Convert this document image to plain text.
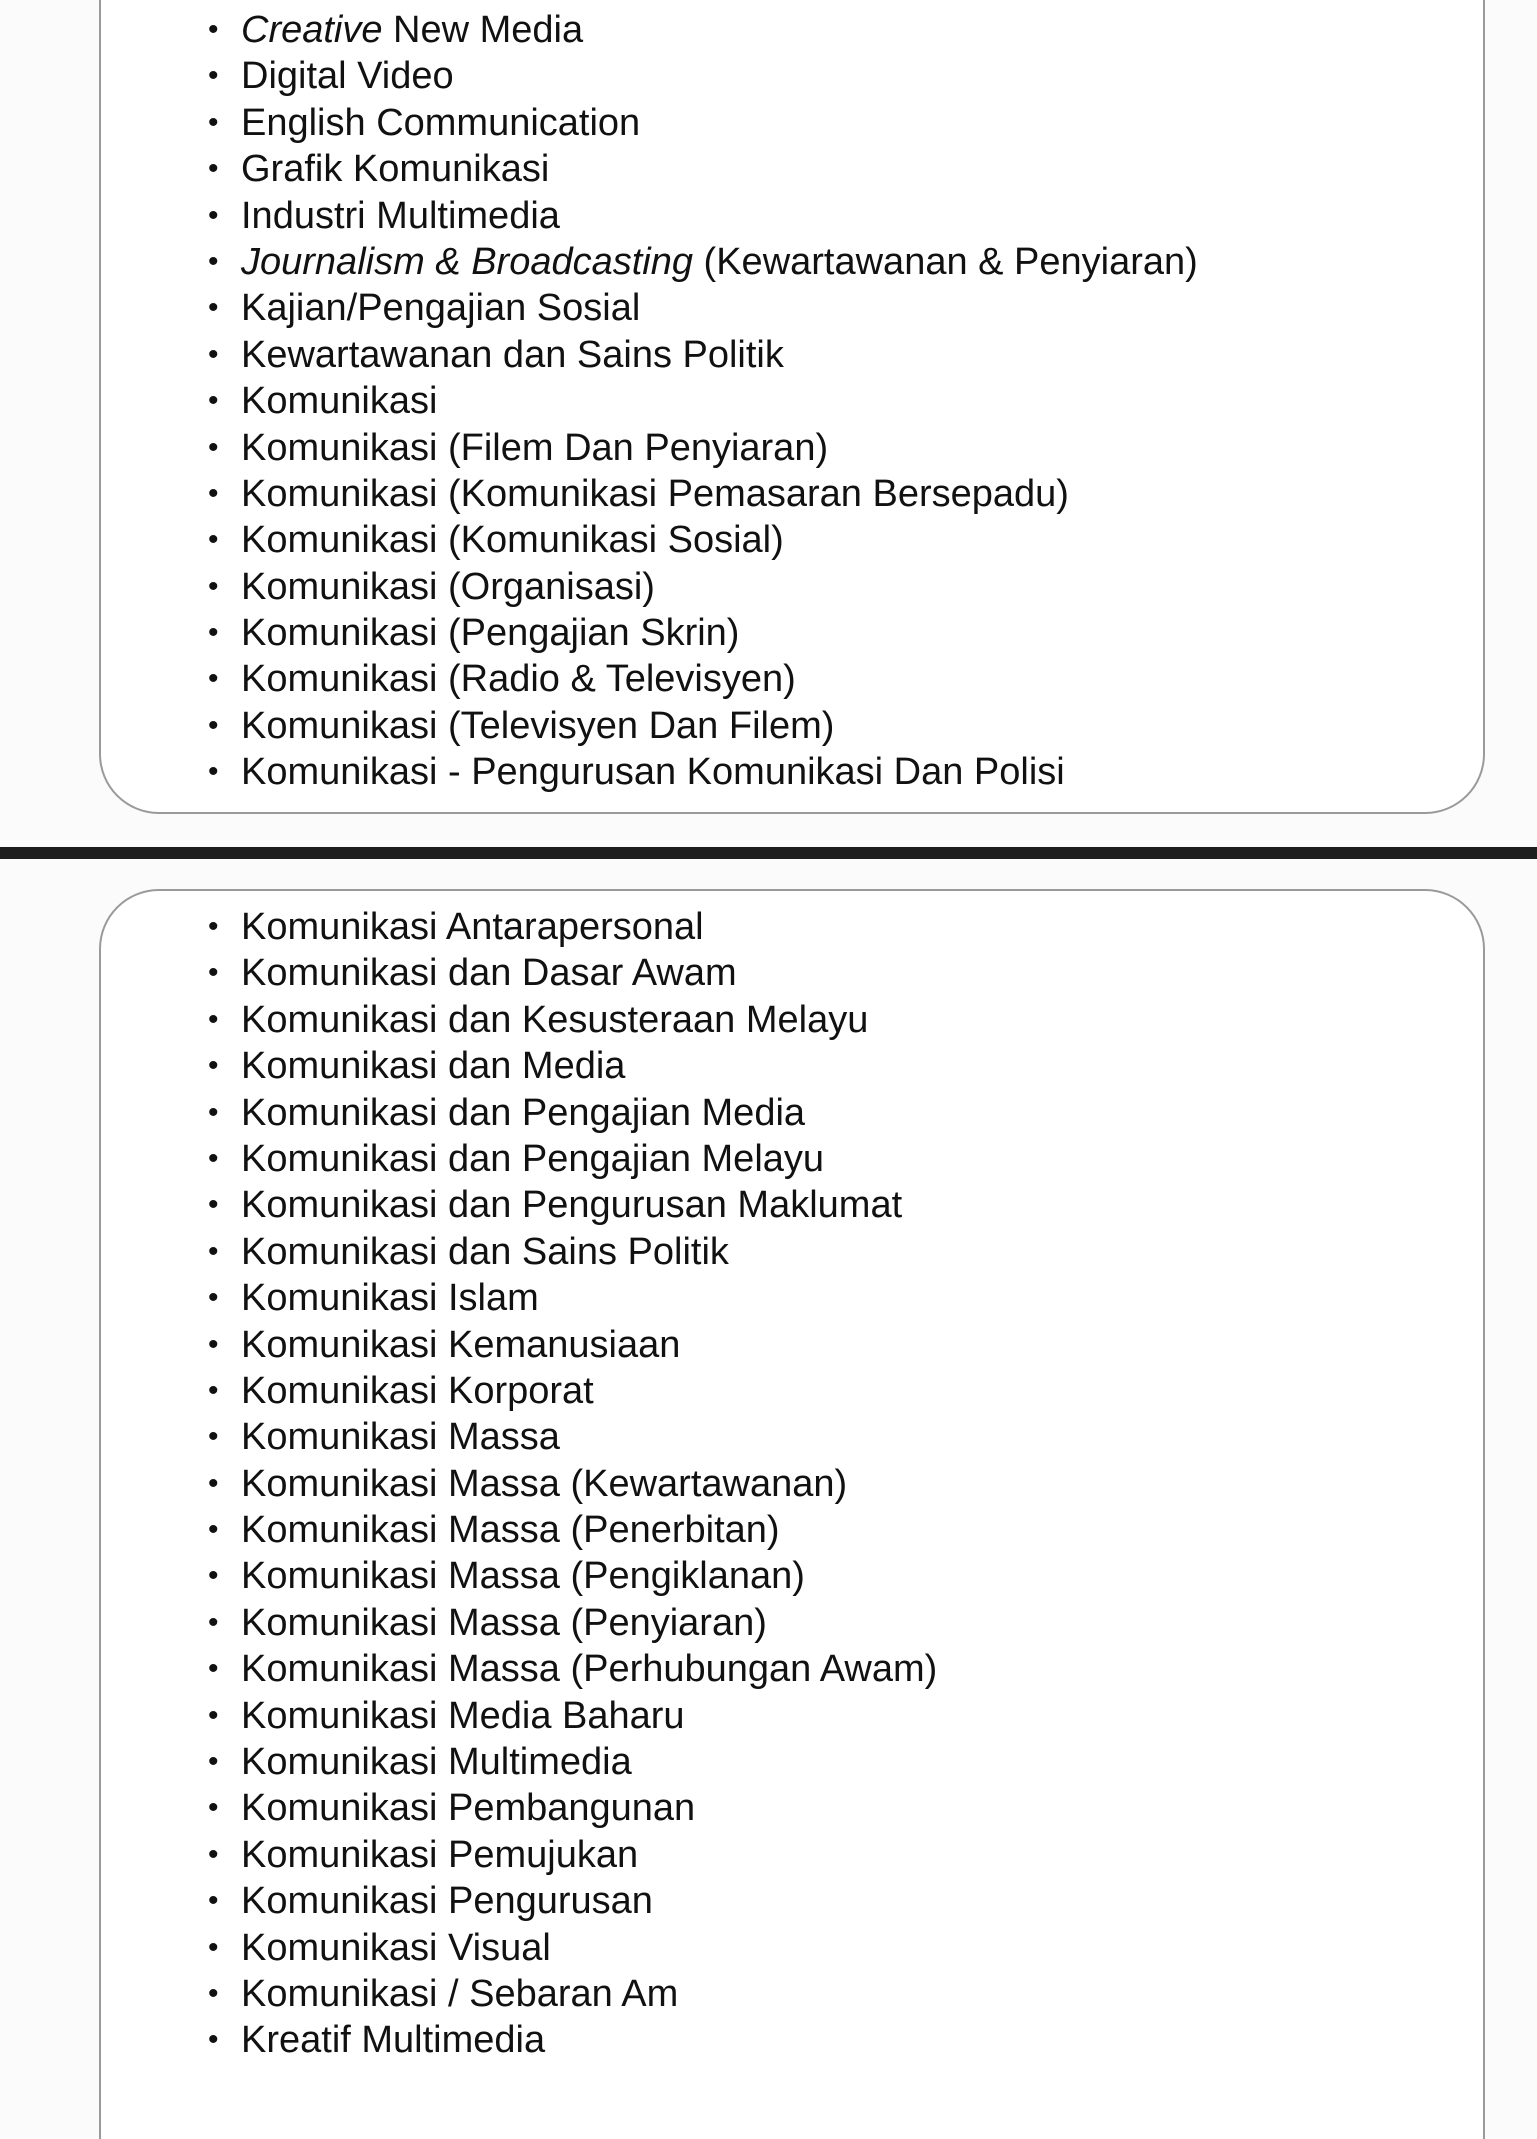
• Creative New Media
• Digital Video
• English Communication
• Grafik Komunikasi
• Industri Multimedia
• Journalism & Broadcasting (Kewartawanan & Penyiaran)
• Kajian/Pengajian Sosial
• Kewartawanan dan Sains Politik
• Komunikasi
• Komunikasi (Filem Dan Penyiaran)
• Komunikasi (Komunikasi Pemasaran Bersepadu)
• Komunikasi (Komunikasi Sosial)
• Komunikasi (Organisasi)
• Komunikasi (Pengajian Skrin)
• Komunikasi (Radio & Televisyen)
• Komunikasi (Televisyen Dan Filem)
• Komunikasi - Pengurusan Komunikasi Dan Polisi
• Komunikasi Antarapersonal
• Komunikasi dan Dasar Awam
• Komunikasi dan Kesusteraan Melayu
• Komunikasi dan Media
• Komunikasi dan Pengajian Media
• Komunikasi dan Pengajian Melayu
• Komunikasi dan Pengurusan Maklumat
• Komunikasi dan Sains Politik
• Komunikasi Islam
• Komunikasi Kemanusiaan
• Komunikasi Korporat
• Komunikasi Massa
• Komunikasi Massa (Kewartawanan)
• Komunikasi Massa (Penerbitan)
• Komunikasi Massa (Pengiklanan)
• Komunikasi Massa (Penyiaran)
• Komunikasi Massa (Perhubungan Awam)
• Komunikasi Media Baharu
• Komunikasi Multimedia
• Komunikasi Pembangunan
• Komunikasi Pemujukan
• Komunikasi Pengurusan
• Komunikasi Visual
• Komunikasi / Sebaran Am
• Kreatif Multimedia
